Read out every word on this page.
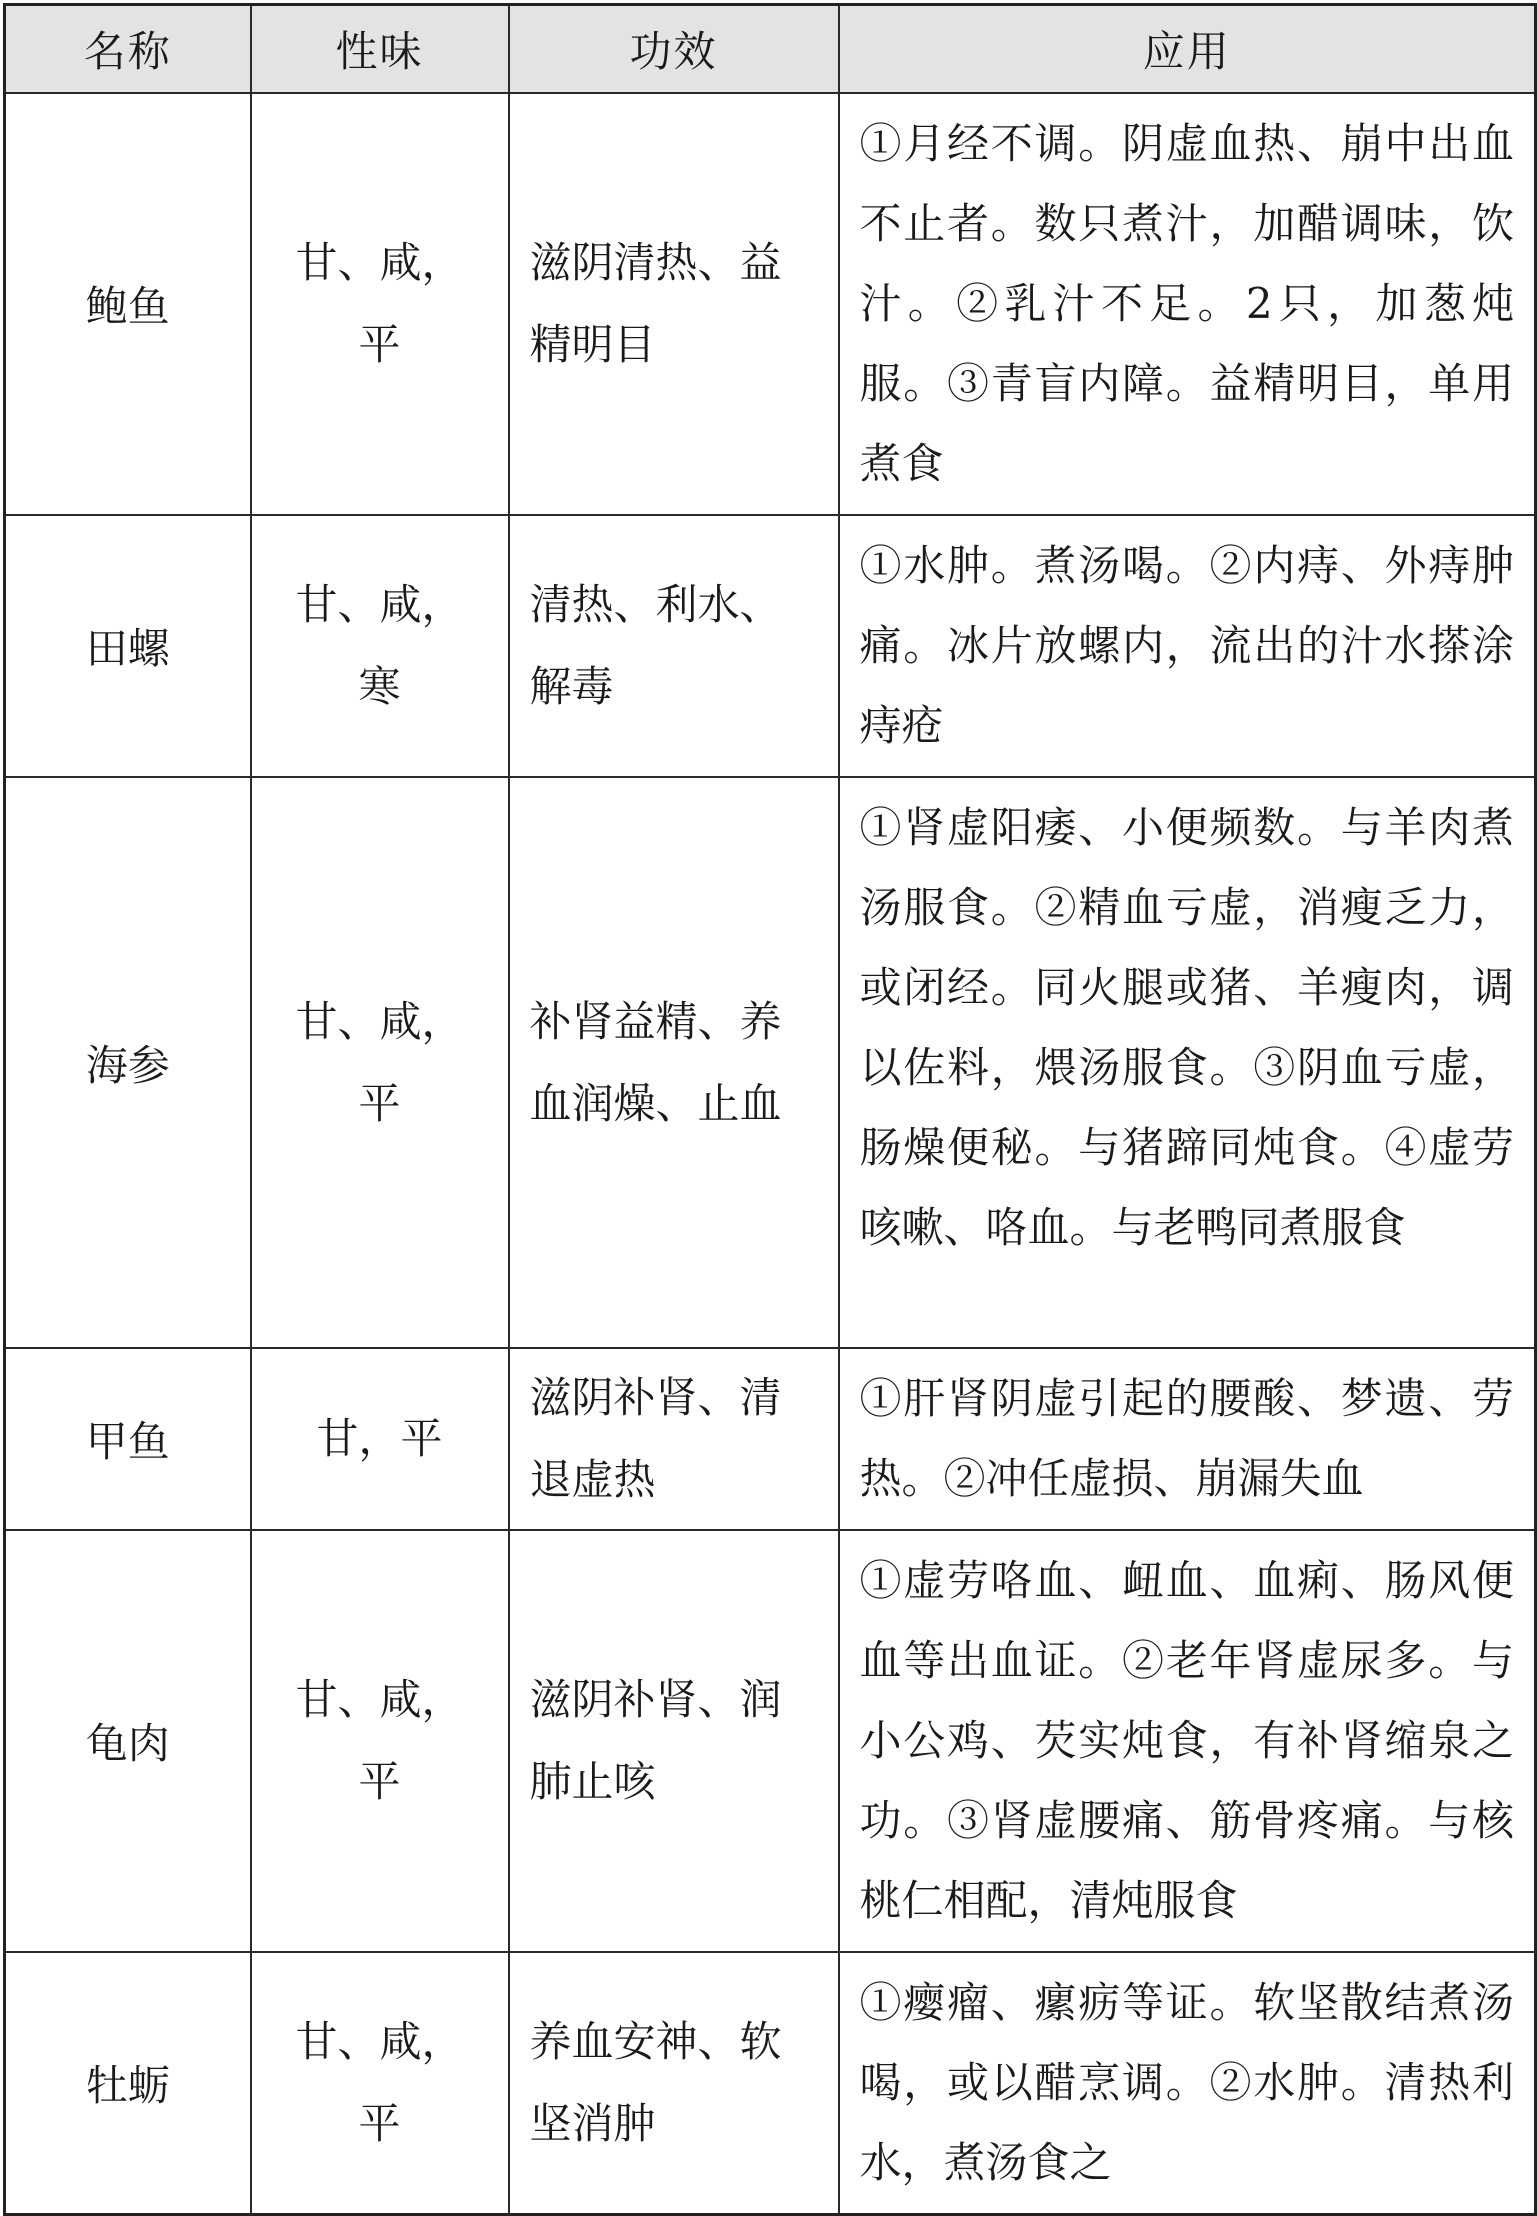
名称	性味	功效	应用
鲍鱼	甘、咸，平	滋阴清热、益精明目	①月经不调。阴虚血热、崩中出血不止者。数只煮汁，加醋调味，饮汁。②乳汁不足。2只，加葱炖服。③青盲内障。益精明目，单用煮食
田螺	甘、咸，寒	清热、利水、解毒	①水肿。煮汤喝。②内痔、外痔肿痛。冰片放螺内，流出的汁水搽涂痔疮
海参	甘、咸，平	补肾益精、养血润燥、止血	①肾虚阳痿、小便频数。与羊肉煮汤服食。②精血亏虚，消瘦乏力，或闭经。同火腿或猪、羊瘦肉，调以佐料，煨汤服食。③阴血亏虚，肠燥便秘。与猪蹄同炖食。④虚劳咳嗽、咯血。与老鸭同煮服食
甲鱼	甘，平	滋阴补肾、清退虚热	①肝肾阴虚引起的腰酸、梦遗、劳热。②冲任虚损、崩漏失血
龟肉	甘、咸，平	滋阴补肾、润肺止咳	①虚劳咯血、衄血、血痢、肠风便血等出血证。②老年肾虚尿多。与小公鸡、芡实炖食，有补肾缩泉之功。③肾虚腰痛、筋骨疼痛。与核桃仁相配，清炖服食
牡蛎	甘、咸，平	养血安神、软坚消肿	①瘿瘤、瘰疬等证。软坚散结煮汤喝，或以醋烹调。②水肿。清热利水，煮汤食之
